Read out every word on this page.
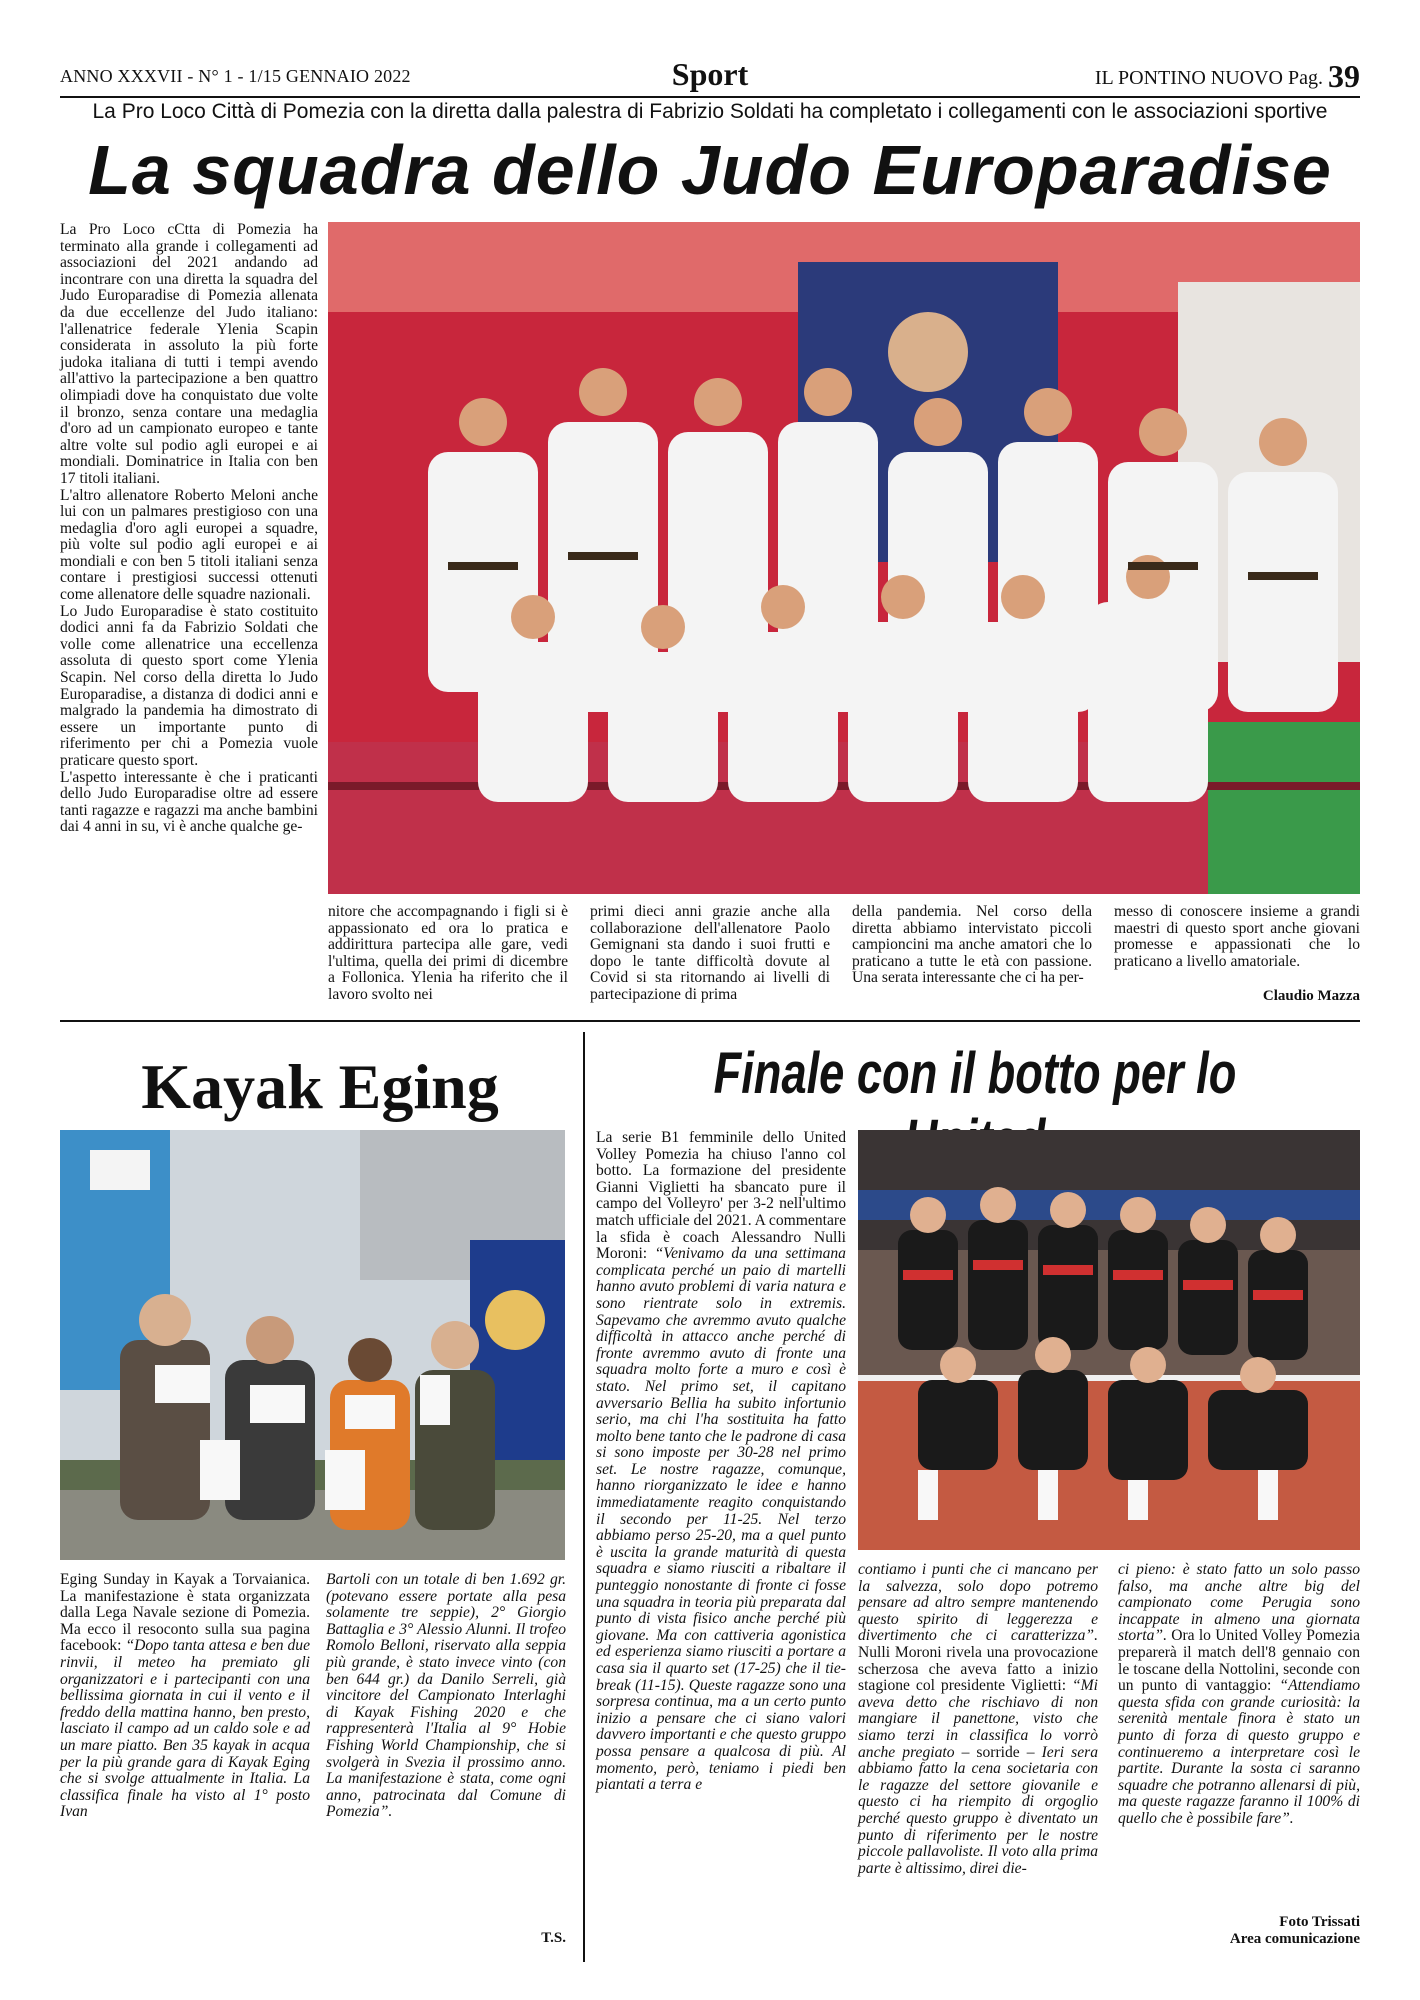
ANNO XXXVII - N° 1 - 1/15 GENNAIO 2022	Sport	IL PONTINO NUOVO Pag. 39
La Pro Loco Città di Pomezia con la diretta dalla palestra di Fabrizio Soldati ha completato i collegamenti con le associazioni sportive
La squadra dello Judo Europaradise

La Pro Loco cCtta di Pomezia ha terminato alla grande i collegamenti ad associazioni del 2021 andando ad incontrare con una diretta la squadra del Judo Europaradise di Pomezia allenata da due eccellenze del Judo italiano: l'allenatrice federale Ylenia Scapin considerata in assoluto la più forte judoka italiana di tutti i tempi avendo all'attivo la partecipazione a ben quattro olimpiadi dove ha conquistato due volte il bronzo, senza contare una medaglia d'oro ad un campionato europeo e tante altre volte sul podio agli europei e ai mondiali. Dominatrice in Italia con ben 17 titoli italiani.

L'altro allenatore Roberto Meloni anche lui con un palmares prestigioso con una medaglia d'oro agli europei a squadre, più volte sul podio agli europei e ai mondiali e con ben 5 titoli italiani senza contare i prestigiosi successi ottenuti come allenatore delle squadre nazionali.

Lo Judo Europaradise è stato costituito dodici anni fa da Fabrizio Soldati che volle come allenatrice una eccellenza assoluta di questo sport come Ylenia Scapin. Nel corso della diretta lo Judo Europaradise, a distanza di dodici anni e malgrado la pandemia ha dimostrato di essere un importante punto di riferimento per chi a Pomezia vuole praticare questo sport.

L'aspetto interessante è che i praticanti dello Judo Europaradise oltre ad essere tanti ragazze e ragazzi ma anche bambini dai 4 anni in su, vi è anche qualche ge-

nitore che accompagnando i figli si è appassionato ed ora lo pratica e addirittura partecipa alle gare, vedi l'ultima, quella dei primi di dicembre a Follonica. Ylenia ha riferito che il lavoro svolto nei
primi dieci anni grazie anche alla collaborazione dell'allenatore Paolo Gemignani sta dando i suoi frutti e dopo le tante difficoltà dovute al Covid si sta ritornando ai livelli di partecipazione di prima
della pandemia. Nel corso della diretta abbiamo intervistato piccoli campioncini ma anche amatori che lo praticano a tutte le età con passione. Una serata interessante che ci ha per-
messo di conoscere insieme a grandi maestri di questo sport anche giovani promesse e appassionati che lo praticano a livello amatoriale.
Claudio Mazza
Kayak Eging
Eging Sunday in Kayak a Torvaianica. La manifestazione è stata organizzata dalla Lega Navale sezione di Pomezia. Ma ecco il resoconto sulla sua pagina facebook: “Dopo tanta attesa e ben due rinvii, il meteo ha premiato gli organizzatori e i partecipanti con una bellissima giornata in cui il vento e il freddo della mattina hanno, ben presto, lasciato il campo ad un caldo sole e ad un mare piatto. Ben 35 kayak in acqua per la più grande gara di Kayak Eging che si svolge attualmente in Italia. La classifica finale ha visto al 1° posto Ivan
Bartoli con un totale di ben 1.692 gr. (potevano essere portate alla pesa solamente tre seppie), 2° Giorgio Battaglia e 3° Alessio Alunni. Il trofeo Romolo Belloni, riservato alla seppia più grande, è stato invece vinto (con ben 644 gr.) da Danilo Serreli, già vincitore del Campionato Interlaghi di Kayak Fishing 2020 e che rappresenterà l'Italia al 9° Hobie Fishing World Championship, che si svolgerà in Svezia il prossimo anno. La manifestazione è stata, come ogni anno, patrocinata dal Comune di Pomezia”.
T.S.
Finale con il botto per lo
La serie B1 femminile dello United Volley Pomezia ha chiuso l'anno col botto. La formazione del presidente Gianni Viglietti ha sbancato pure il campo del Volleyro' per 3-2 nell'ultimo match ufficiale del 2021. A commentare la sfida è coach Alessandro Nulli Moroni: “Venivamo da una settimana complicata perché un paio di martelli hanno avuto problemi di varia natura e sono rientrate solo in extremis. Sapevamo che avremmo avuto qualche difficoltà in attacco anche perché di fronte avremmo avuto di fronte una squadra molto forte a muro e così è stato. Nel primo set, il capitano avversario Bellia ha subito infortunio serio, ma chi l'ha sostituita ha fatto molto bene tanto che le padrone di casa si sono imposte per 30-28 nel primo set. Le nostre ragazze, comunque, hanno riorganizzato le idee e hanno immediatamente reagito conquistando il secondo per 11-25. Nel terzo abbiamo perso 25-20, ma a quel punto è uscita la grande maturità di questa squadra e siamo riusciti a ribaltare il punteggio nonostante di fronte ci fosse una squadra in teoria più preparata dal punto di vista fisico anche perché più giovane. Ma con cattiveria agonistica ed esperienza siamo riusciti a portare a casa sia il quarto set (17-25) che il tie-break (11-15). Queste ragazze sono una sorpresa continua, ma a un certo punto inizio a pensare che ci siano valori davvero importanti e che questo gruppo possa pensare a qualcosa di più. Al momento, però, teniamo i piedi ben piantati a terra e
contiamo i punti che ci mancano per la salvezza, solo dopo potremo pensare ad altro sempre mantenendo questo spirito di leggerezza e divertimento che ci caratterizza”. Nulli Moroni rivela una provocazione scherzosa che aveva fatto a inizio stagione col presidente Viglietti: “Mi aveva detto che rischiavo di non mangiare il panettone, visto che siamo terzi in classifica lo vorrò anche pregiato – sorride – Ieri sera abbiamo fatto la cena societaria con le ragazze del settore giovanile e questo ci ha riempito di orgoglio perché questo gruppo è diventato un punto di riferimento per le nostre piccole pallavoliste. Il voto alla prima parte è altissimo, direi die-
ci pieno: è stato fatto un solo passo falso, ma anche altre big del campionato come Perugia sono incappate in almeno una giornata storta”. Ora lo United Volley Pomezia preparerà il match dell'8 gennaio con le toscane della Nottolini, seconde con un punto di vantaggio: “Attendiamo questa sfida con grande curiosità: la serenità mentale finora è stato un punto di forza di questo gruppo e continueremo a interpretare così le partite. Durante la sosta ci saranno squadre che potranno allenarsi di più, ma queste ragazze faranno il 100% di quello che è possibile fare”.
Foto Trissati
Area comunicazione
